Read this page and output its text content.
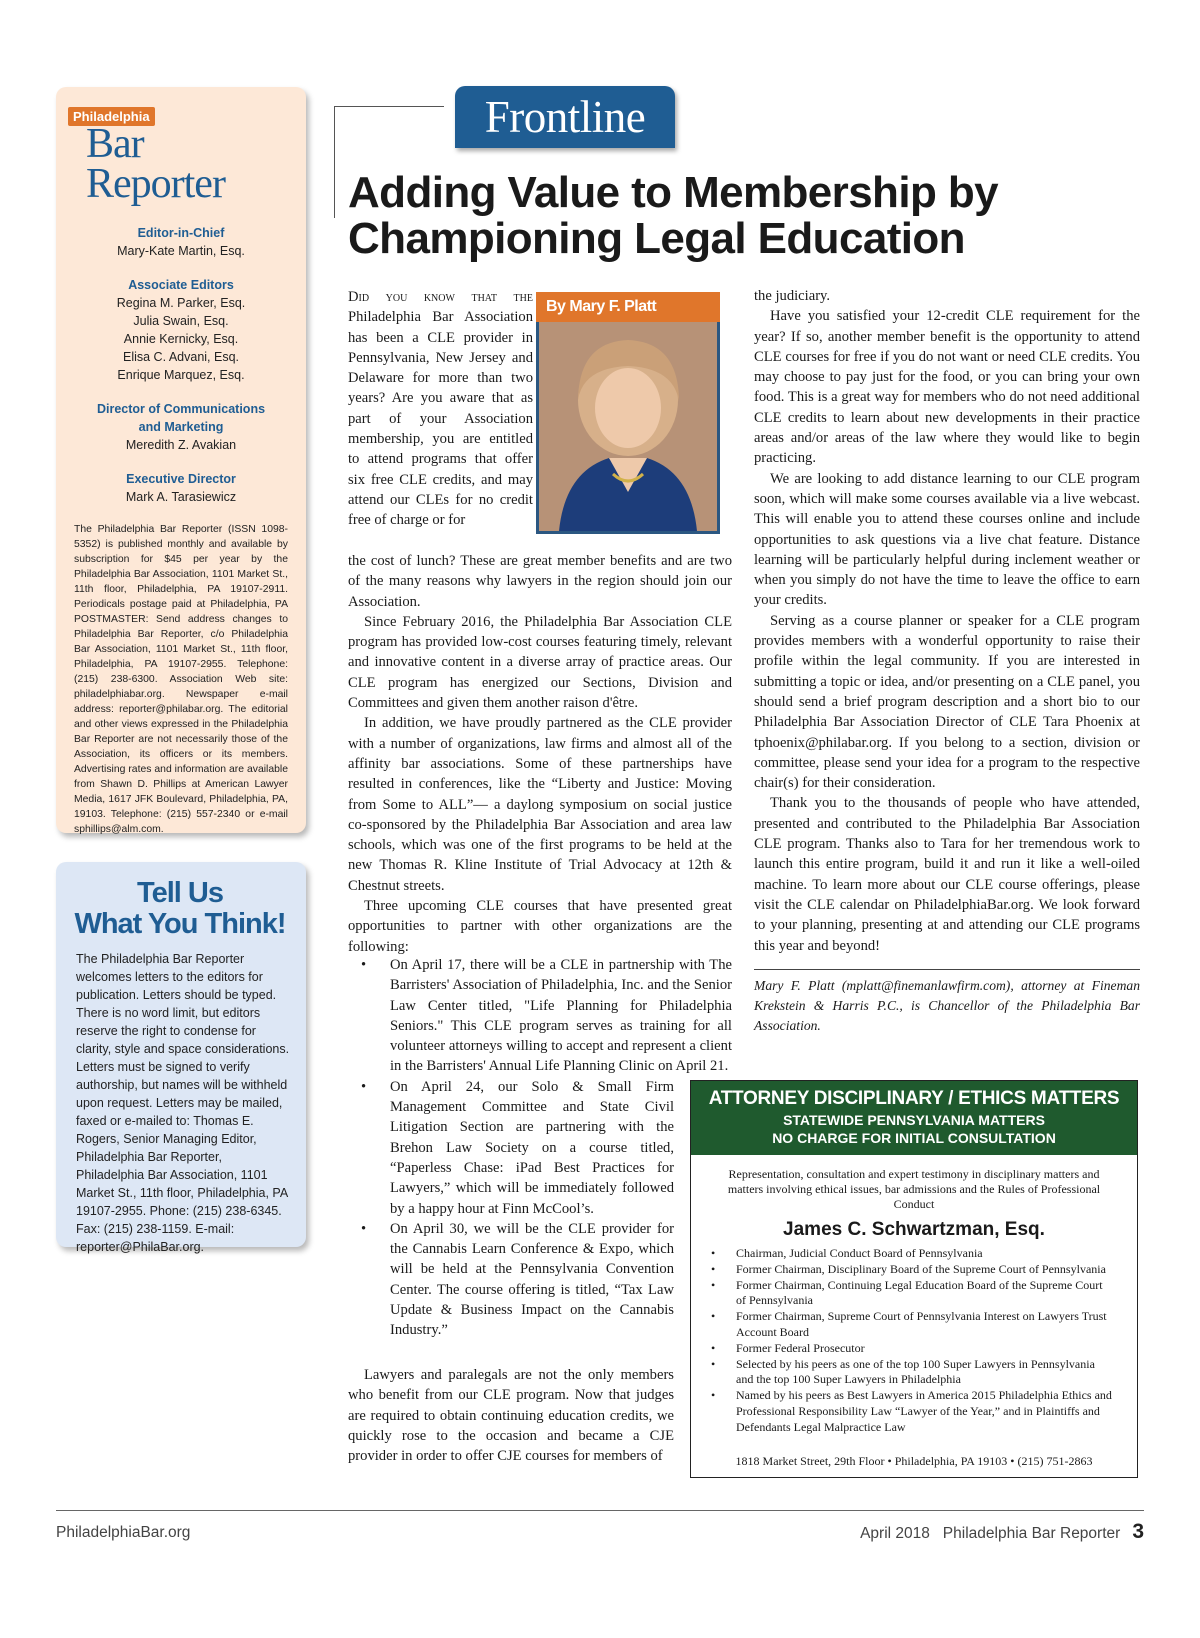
Philadelphia
Bar Reporter
Editor-in-Chief
Mary-Kate Martin, Esq.
Associate Editors
Regina M. Parker, Esq.
Julia Swain, Esq.
Annie Kernicky, Esq.
Elisa C. Advani, Esq.
Enrique Marquez, Esq.
Director of Communications and Marketing
Meredith Z. Avakian
Executive Director
Mark A. Tarasiewicz
The Philadelphia Bar Reporter (ISSN 1098-5352) is published monthly and available by subscription for $45 per year by the Philadelphia Bar Association, 1101 Market St., 11th floor, Philadelphia, PA 19107-2911. Periodicals postage paid at Philadelphia, PA POSTMASTER: Send address changes to Philadelphia Bar Reporter, c/o Philadelphia Bar Association, 1101 Market St., 11th floor, Philadelphia, PA 19107-2955. Telephone: (215) 238-6300. Association Web site: philadelphiabar.org. Newspaper e-mail address: reporter@philabar.org. The editorial and other views expressed in the Philadelphia Bar Reporter are not necessarily those of the Association, its officers or its members. Advertising rates and information are available from Shawn D. Phillips at American Lawyer Media, 1617 JFK Boulevard, Philadelphia, PA, 19103. Telephone: (215) 557-2340 or e-mail sphillips@alm.com.
Tell Us
What You Think!
The Philadelphia Bar Reporter welcomes letters to the editors for publication. Letters should be typed. There is no word limit, but editors reserve the right to condense for clarity, style and space considerations. Letters must be signed to verify authorship, but names will be withheld upon request. Letters may be mailed, faxed or e-mailed to: Thomas E. Rogers, Senior Managing Editor, Philadelphia Bar Reporter, Philadelphia Bar Association, 1101 Market St., 11th floor, Philadelphia, PA 19107-2955. Phone: (215) 238-6345. Fax: (215) 238-1159. E-mail: reporter@PhilaBar.org.
Frontline
Adding Value to Membership by
Championing Legal Education
By Mary F. Platt

Did you know that the Philadelphia Bar Association has been a CLE provider in Pennsylvania, New Jersey and Delaware for more than two years? Are you aware that as part of your Association membership, you are entitled to attend programs that offer six free CLE credits, and may attend our CLEs for no credit free of charge or for

the cost of lunch? These are great member benefits and are two of the many reasons why lawyers in the region should join our Association.

Since February 2016, the Philadelphia Bar Association CLE program has provided low-cost courses featuring timely, relevant and innovative content in a diverse array of practice areas. Our CLE program has energized our Sections, Division and Committees and given them another raison d'être.

In addition, we have proudly partnered as the CLE provider with a number of organizations, law firms and almost all of the affinity bar associations. Some of these partnerships have resulted in conferences, like the “Liberty and Justice: Moving from Some to ALL”— a daylong symposium on social justice co-sponsored by the Philadelphia Bar Association and area law schools, which was one of the first programs to be held at the new Thomas R. Kline Institute of Trial Advocacy at 12th & Chestnut streets.

Three upcoming CLE courses that have presented great opportunities to partner with other organizations are the following:

• On April 17, there will be a CLE in partnership with The Barristers' Association of Philadelphia, Inc. and the Senior Law Center titled, "Life Planning for Philadelphia Seniors." This CLE program serves as training for all volunteer attorneys willing to accept and represent a client in the Barristers' Annual Life Planning Clinic on April 21.
• On April 24, our Solo & Small Firm Management Committee and State Civil Litigation Section are partnering with the Brehon Law Society on a course titled, “Paperless Chase: iPad Best Practices for Lawyers,” which will be immediately followed by a happy hour at Finn McCool’s.
• On April 30, we will be the CLE provider for the Cannabis Learn Conference & Expo, which will be held at the Pennsylvania Convention Center. The course offering is titled, “Tax Law Update & Business Impact on the Cannabis Industry.”

Lawyers and paralegals are not the only members who benefit from our CLE program. Now that judges are required to obtain continuing education credits, we quickly rose to the occasion and became a CJE provider in order to offer CJE courses for members of

the judiciary.

Have you satisfied your 12-credit CLE requirement for the year? If so, another member benefit is the opportunity to attend CLE courses for free if you do not want or need CLE credits. You may choose to pay just for the food, or you can bring your own food. This is a great way for members who do not need additional CLE credits to learn about new developments in their practice areas and/or areas of the law where they would like to begin practicing.

We are looking to add distance learning to our CLE program soon, which will make some courses available via a live webcast. This will enable you to attend these courses online and include opportunities to ask questions via a live chat feature. Distance learning will be particularly helpful during inclement weather or when you simply do not have the time to leave the office to earn your credits.

Serving as a course planner or speaker for a CLE program provides members with a wonderful opportunity to raise their profile within the legal community. If you are interested in submitting a topic or idea, and/or presenting on a CLE panel, you should send a brief program description and a short bio to our Philadelphia Bar Association Director of CLE Tara Phoenix at tphoenix@philabar.org. If you belong to a section, division or committee, please send your idea for a program to the respective chair(s) for their consideration.

Thank you to the thousands of people who have attended, presented and contributed to the Philadelphia Bar Association CLE program. Thanks also to Tara for her tremendous work to launch this entire program, build it and run it like a well-oiled machine. To learn more about our CLE course offerings, please visit the CLE calendar on PhiladelphiaBar.org. We look forward to your planning, presenting at and attending our CLE programs this year and beyond!

Mary F. Platt (mplatt@finemanlawfirm.com), attorney at Fineman Krekstein & Harris P.C., is Chancellor of the Philadelphia Bar Association.
ATTORNEY DISCIPLINARY / ETHICS MATTERS
STATEWIDE PENNSYLVANIA MATTERS
NO CHARGE FOR INITIAL CONSULTATION
Representation, consultation and expert testimony in disciplinary matters and matters involving ethical issues, bar admissions and the Rules of Professional Conduct
James C. Schwartzman, Esq.
• Chairman, Judicial Conduct Board of Pennsylvania
• Former Chairman, Disciplinary Board of the Supreme Court of Pennsylvania
• Former Chairman, Continuing Legal Education Board of the Supreme Court of Pennsylvania
• Former Chairman, Supreme Court of Pennsylvania Interest on Lawyers Trust Account Board
• Former Federal Prosecutor
• Selected by his peers as one of the top 100 Super Lawyers in Pennsylvania and the top 100 Super Lawyers in Philadelphia
• Named by his peers as Best Lawyers in America 2015 Philadelphia Ethics and Professional Responsibility Law “Lawyer of the Year,” and in Plaintiffs and Defendants Legal Malpractice Law
1818 Market Street, 29th Floor • Philadelphia, PA 19103 • (215) 751-2863
PhiladelphiaBar.org	April 2018   Philadelphia Bar Reporter 3
